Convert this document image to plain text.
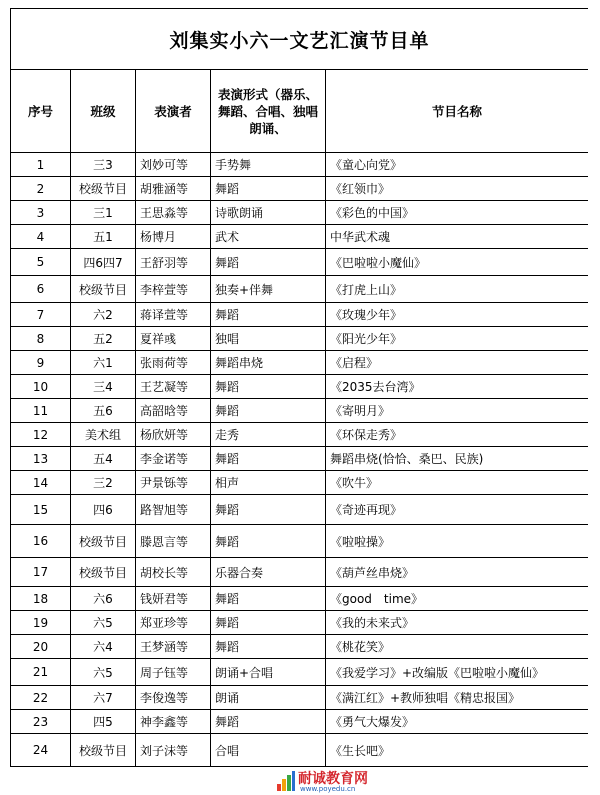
刘集实小六一文艺汇演节目单				
序号	班级	表演者	表演形式（器乐、舞蹈、合唱、独唱朗诵、	节目名称
1	三3	刘妙可等	手势舞	《童心向党》
2	校级节目	胡雅涵等	舞蹈	《红领巾》
3	三1	王思淼等	诗歌朗诵	《彩色的中国》
4	五1	杨博月	武术	中华武术魂
5	四6四7	王舒羽等	舞蹈	《巴啦啦小魔仙》
6	校级节目	李梓萱等	独奏+伴舞	《打虎上山》
7	六2	蒋译萱等	舞蹈	《玫瑰少年》
8	五2	夏祥彧	独唱	《阳光少年》
9	六1	张雨荷等	舞蹈串烧	《启程》
10	三4	王艺凝等	舞蹈	《2035去台湾》
11	五6	高韶晗等	舞蹈	《寄明月》
12	美术组	杨欣妍等	走秀	《环保走秀》
13	五4	李金诺等	舞蹈	舞蹈串烧(恰恰、桑巴、民族)
14	三2	尹景铄等	相声	《吹牛》
15	四6	路智旭等	舞蹈	《奇迹再现》
16	校级节目	滕恩言等	舞蹈	《啦啦操》
17	校级节目	胡校长等	乐器合奏	《葫芦丝串烧》
18	六6	钱妍君等	舞蹈	《good　time》
19	六5	郑亚珍等	舞蹈	《我的未来式》
20	六4	王梦涵等	舞蹈	《桃花笑》
21	六5	周子钰等	朗诵+合唱	《我爱学习》+改编版《巴啦啦小魔仙》
22	六7	李俊逸等	朗诵	《满江红》+教师独唱《精忠报国》
23	四5	神李鑫等	舞蹈	《勇气大爆发》
24	校级节目	刘子沫等	合唱	《生长吧》
耐诚教育网
www.poyedu.cn
